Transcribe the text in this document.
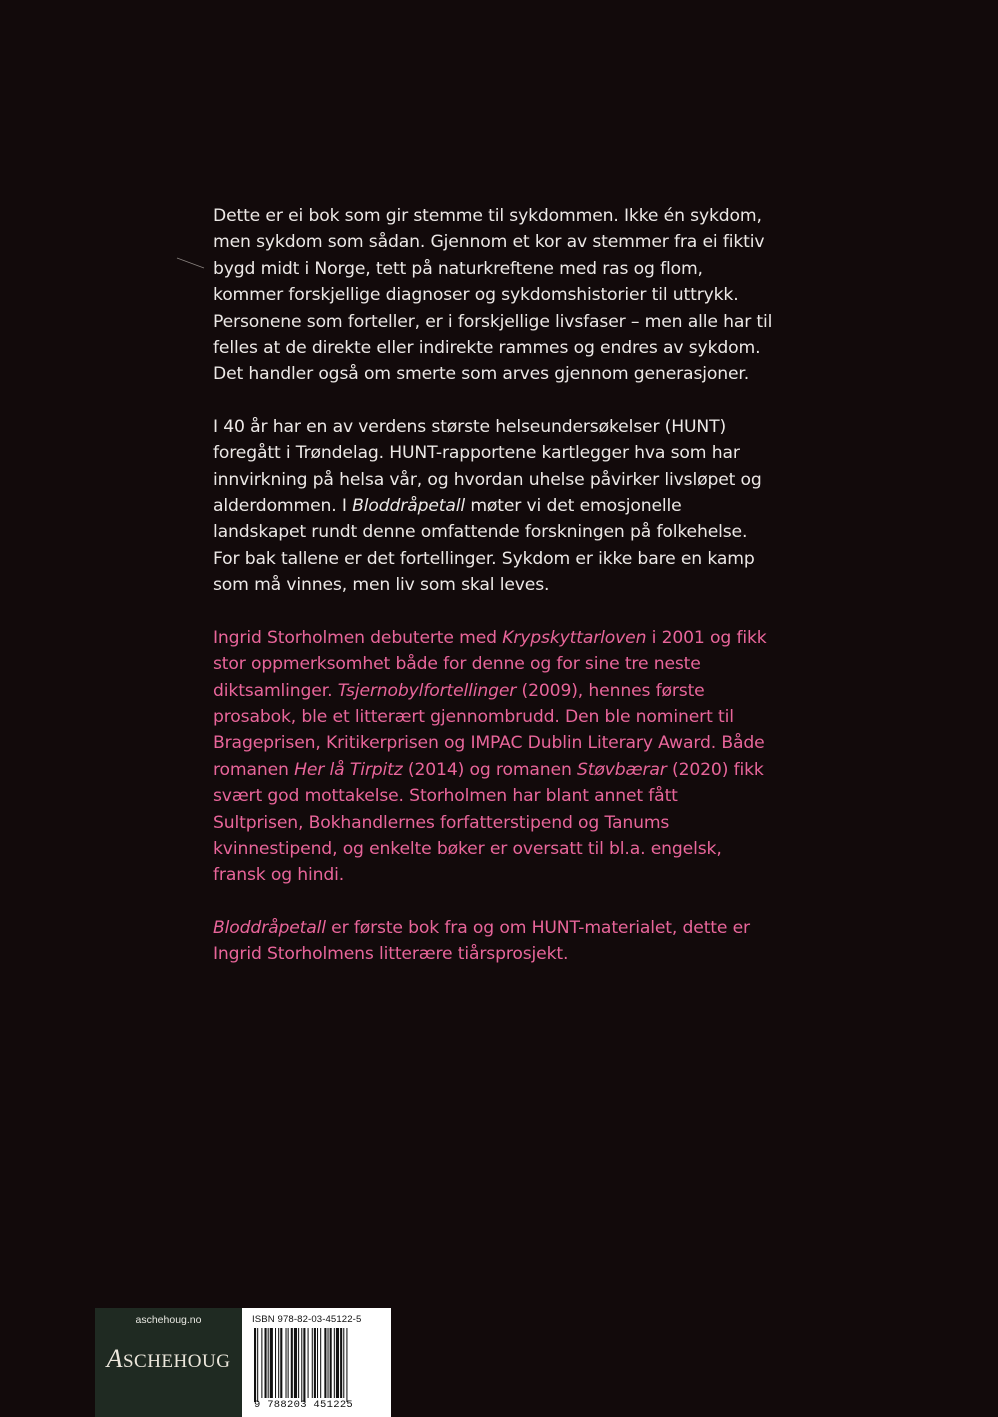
Dette er ei bok som gir stemme til sykdommen. Ikke én sykdom, men sykdom som sådan. Gjennom et kor av stemmer fra ei fiktiv bygd midt i Norge, tett på naturkreftene med ras og flom, kommer forskjellige diagnoser og sykdomshistorier til uttrykk. Personene som forteller, er i forskjellige livsfaser – men alle har til felles at de direkte eller indirekte rammes og endres av sykdom. Det handler også om smerte som arves gjennom generasjoner.

I 40 år har en av verdens største helseundersøkelser (HUNT) foregått i Trøndelag. HUNT-rapportene kartlegger hva som har innvirkning på helsa vår, og hvordan uhelse påvirker livsløpet og alderdommen. I Bloddråpetall møter vi det emosjonelle landskapet rundt denne omfattende forskningen på folkehelse. For bak tallene er det fortellinger. Sykdom er ikke bare en kamp som må vinnes, men liv som skal leves.

Ingrid Storholmen debuterte med Krypskyttarloven i 2001 og fikk stor oppmerksomhet både for denne og for sine tre neste diktsamlinger. Tsjernobylfortellinger (2009), hennes første prosabok, ble et litterært gjennombrudd. Den ble nominert til Brageprisen, Kritikerprisen og IMPAC Dublin Literary Award. Både romanen Her lå Tirpitz (2014) og romanen Støvbærar (2020) fikk svært god mottakelse. Storholmen har blant annet fått Sultprisen, Bokhandlernes forfatterstipend og Tanums kvinnestipend, og enkelte bøker er oversatt til bl.a. engelsk, fransk og hindi.

Bloddråpetall er første bok fra og om HUNT-materialet, dette er Ingrid Storholmens litterære tiårsprosjekt.

aschehoug.no
ASCHEHOUG
ISBN 978-82-03-45122-5
9 788203 451225
